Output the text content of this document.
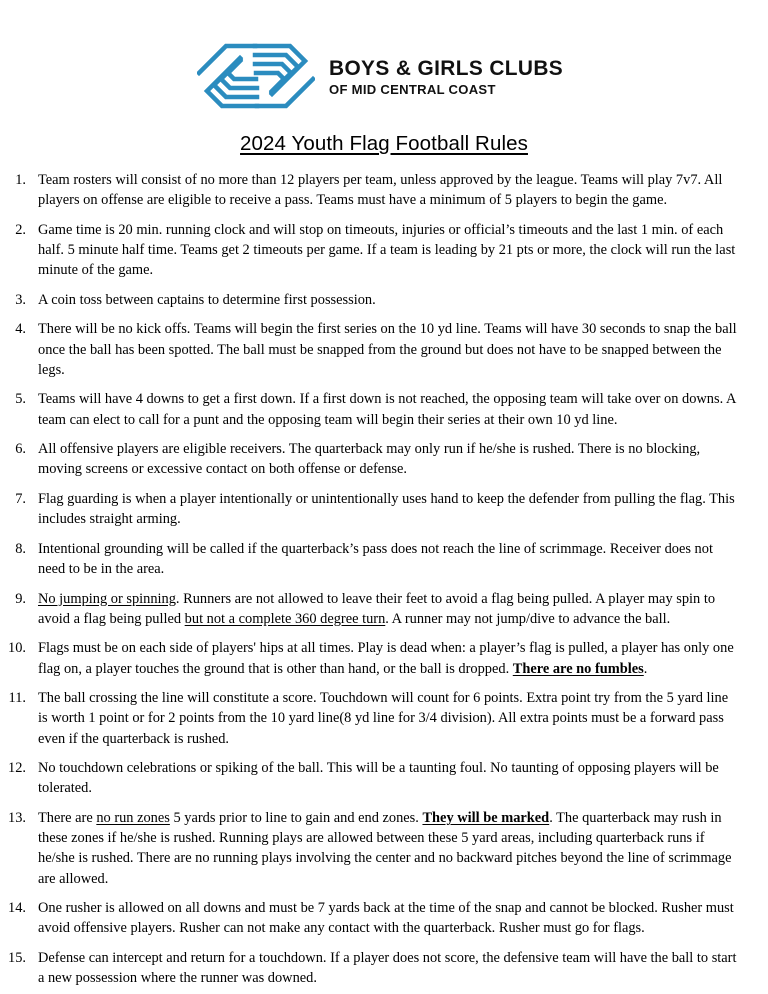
BOYS & GIRLS CLUBS
OF MID CENTRAL COAST
2024 Youth Flag Football Rules
1. Team rosters will consist of no more than 12 players per team, unless approved by the league. Teams will play 7v7. All players on offense are eligible to receive a pass. Teams must have a minimum of 5 players to begin the game.
2. Game time is 20 min. running clock and will stop on timeouts, injuries or official’s timeouts and the last 1 min. of each half. 5 minute half time. Teams get 2 timeouts per game. If a team is leading by 21 pts or more, the clock will run the last minute of the game.
3. A coin toss between captains to determine first possession.
4. There will be no kick offs. Teams will begin the first series on the 10 yd line. Teams will have 30 seconds to snap the ball once the ball has been spotted. The ball must be snapped from the ground but does not have to be snapped between the legs.
5. Teams will have 4 downs to get a first down. If a first down is not reached, the opposing team will take over on downs. A team can elect to call for a punt and the opposing team will begin their series at their own 10 yd line.
6. All offensive players are eligible receivers. The quarterback may only run if he/she is rushed. There is no blocking, moving screens or excessive contact on both offense or defense.
7. Flag guarding is when a player intentionally or unintentionally uses hand to keep the defender from pulling the flag. This includes straight arming.
8. Intentional grounding will be called if the quarterback’s pass does not reach the line of scrimmage. Receiver does not need to be in the area.
9. No jumping or spinning. Runners are not allowed to leave their feet to avoid a flag being pulled. A player may spin to avoid a flag being pulled but not a complete 360 degree turn. A runner may not jump/dive to advance the ball.
10. Flags must be on each side of players' hips at all times. Play is dead when: a player’s flag is pulled, a player has only one flag on, a player touches the ground that is other than hand, or the ball is dropped. There are no fumbles.
11. The ball crossing the line will constitute a score. Touchdown will count for 6 points. Extra point try from the 5 yard line is worth 1 point or for 2 points from the 10 yard line(8 yd line for 3/4 division). All extra points must be a forward pass even if the quarterback is rushed.
12. No touchdown celebrations or spiking of the ball. This will be a taunting foul. No taunting of opposing players will be tolerated.
13. There are no run zones 5 yards prior to line to gain and end zones. They will be marked. The quarterback may rush in these zones if he/she is rushed. Running plays are allowed between these 5 yard areas, including quarterback runs if he/she is rushed. There are no running plays involving the center and no backward pitches beyond the line of scrimmage are allowed.
14. One rusher is allowed on all downs and must be 7 yards back at the time of the snap and cannot be blocked. Rusher must avoid offensive players. Rusher can not make any contact with the quarterback. Rusher must go for flags.
15. Defense can intercept and return for a touchdown. If a player does not score, the defensive team will have the ball to start a new possession where the runner was downed.
